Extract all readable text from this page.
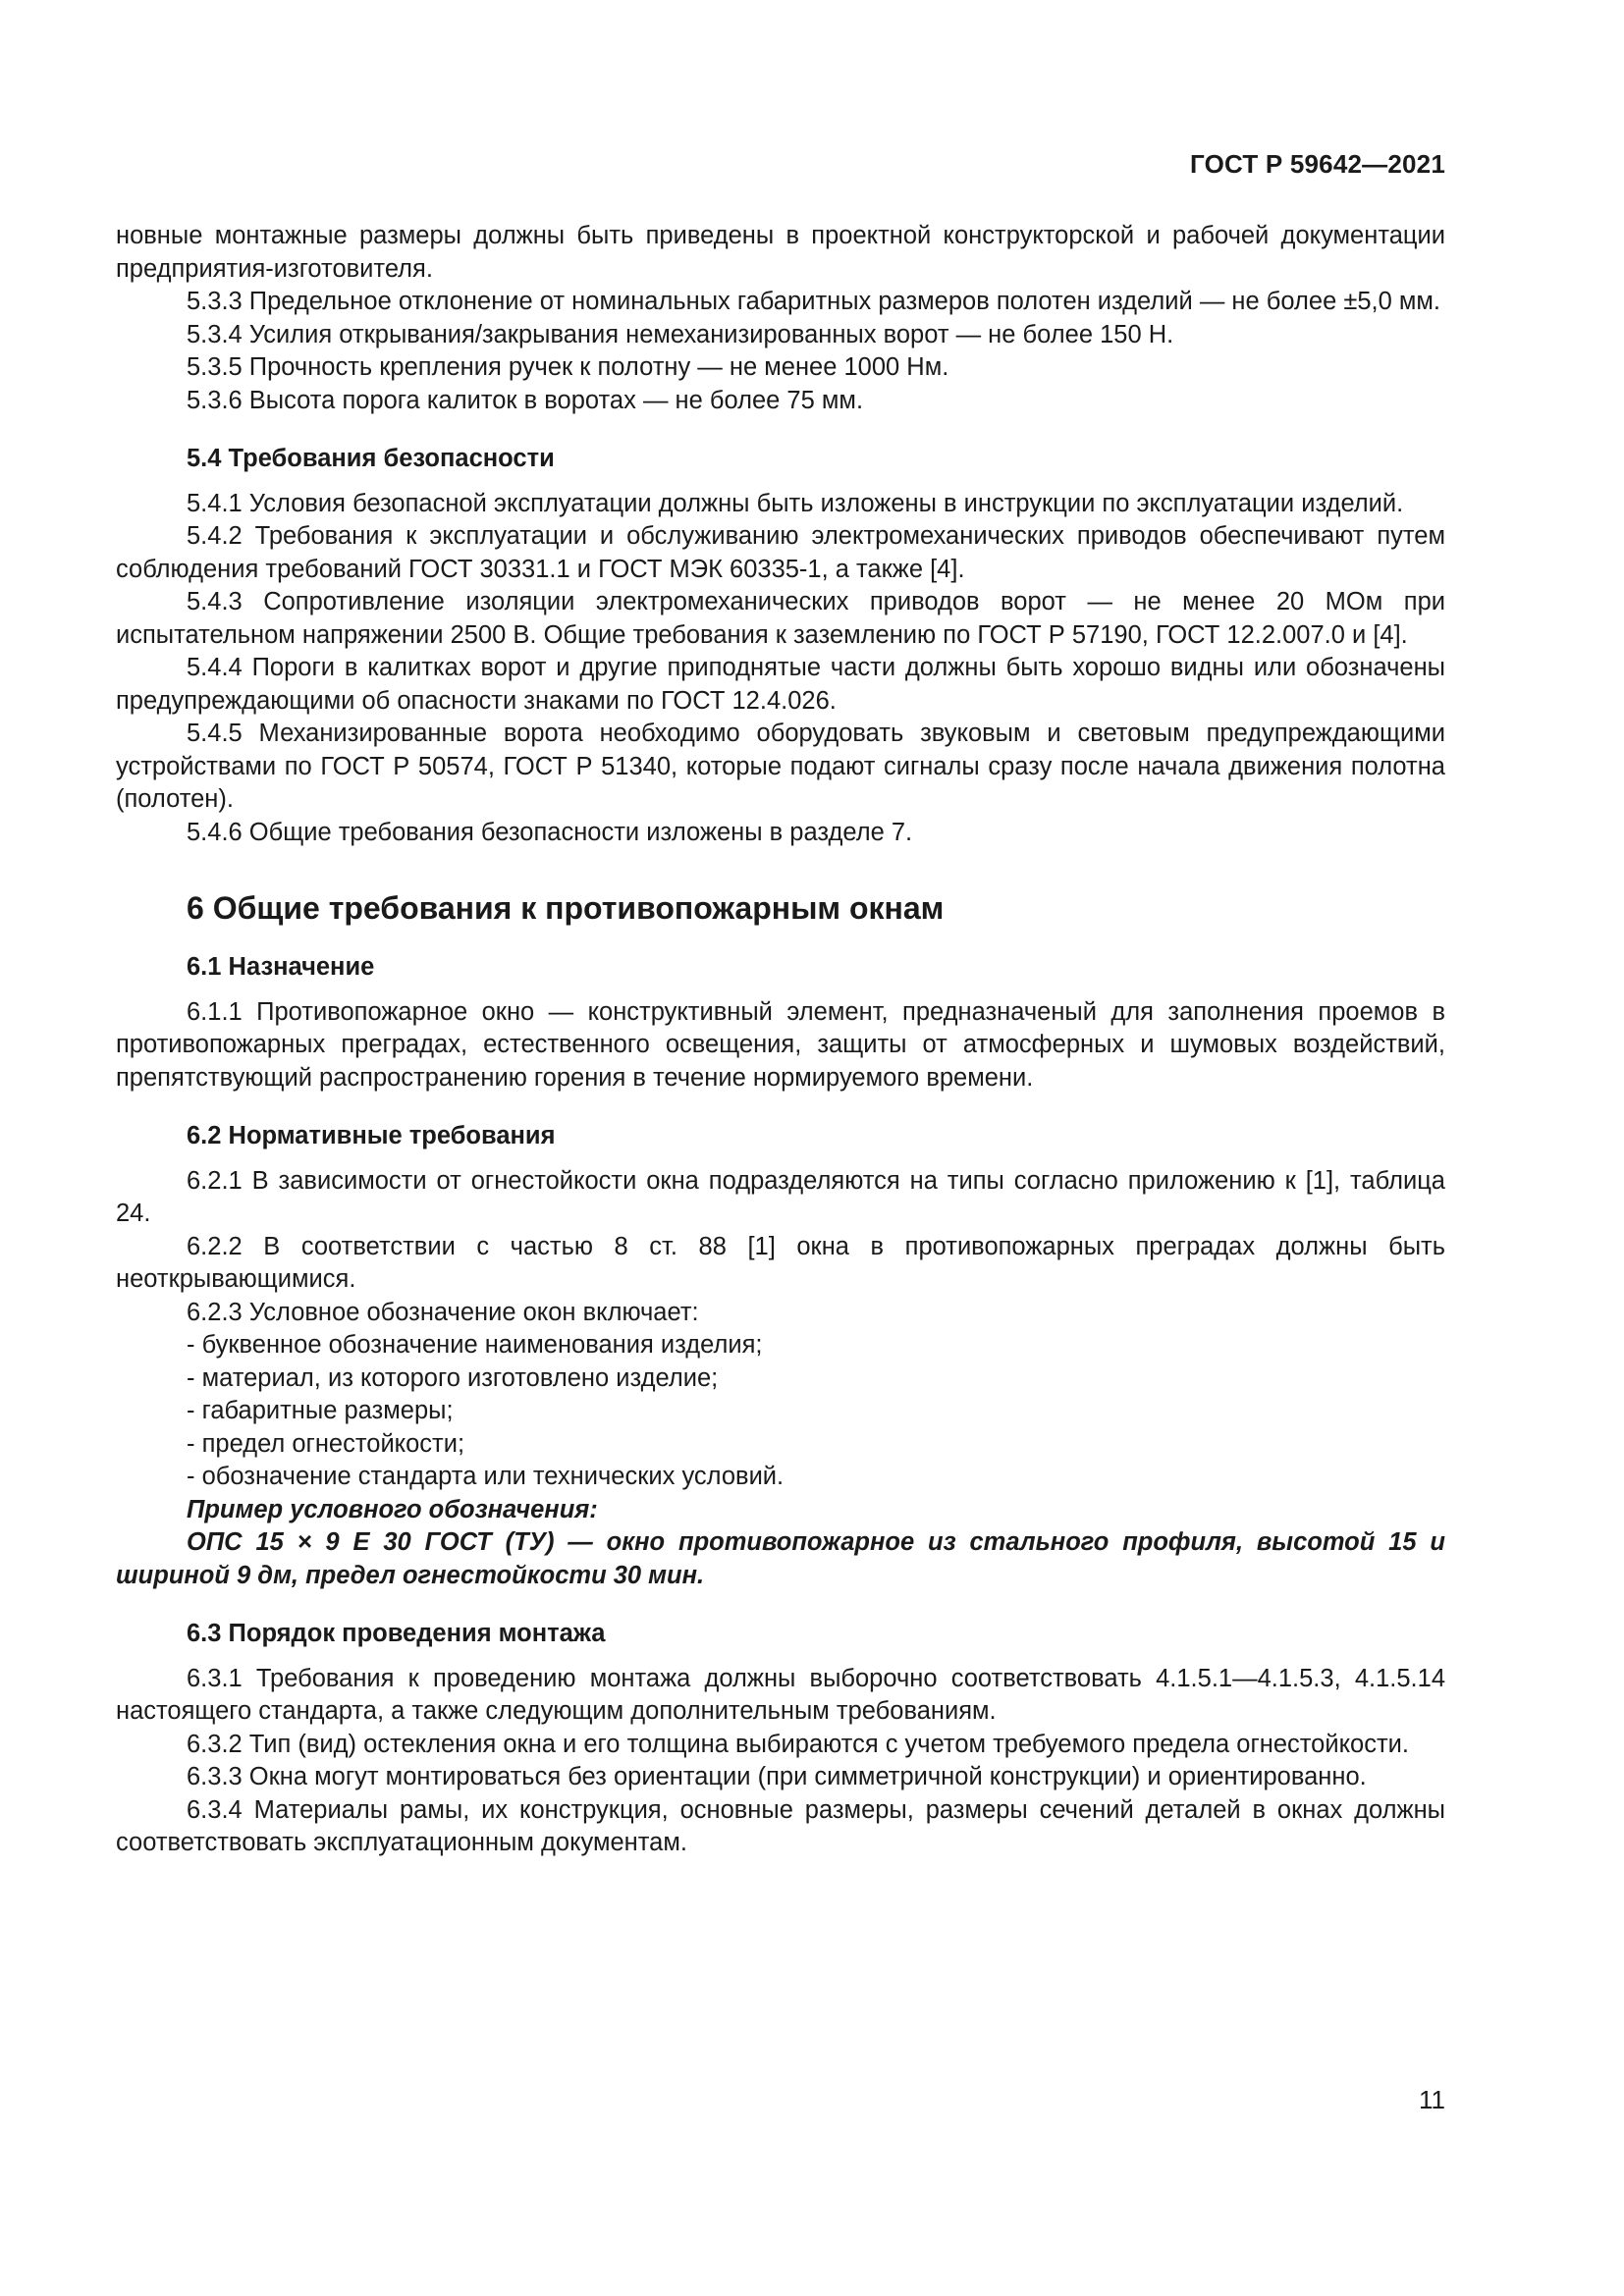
ГОСТ Р 59642—2021

новные монтажные размеры должны быть приведены в проектной конструкторской и рабочей документации предприятия-изготовителя.

5.3.3 Предельное отклонение от номинальных габаритных размеров полотен изделий — не более ±5,0 мм.

5.3.4 Усилия открывания/закрывания немеханизированных ворот — не более 150 Н.

5.3.5 Прочность крепления ручек к полотну — не менее 1000 Нм.

5.3.6 Высота порога калиток в воротах — не более 75 мм.

5.4 Требования безопасности

5.4.1 Условия безопасной эксплуатации должны быть изложены в инструкции по эксплуатации изделий.

5.4.2 Требования к эксплуатации и обслуживанию электромеханических приводов обеспечивают путем соблюдения требований ГОСТ 30331.1 и ГОСТ МЭК 60335-1, а также [4].

5.4.3 Сопротивление изоляции электромеханических приводов ворот — не менее 20 МОм при испытательном напряжении 2500 В. Общие требования к заземлению по ГОСТ Р 57190, ГОСТ 12.2.007.0 и [4].

5.4.4 Пороги в калитках ворот и другие приподнятые части должны быть хорошо видны или обозначены предупреждающими об опасности знаками по ГОСТ 12.4.026.

5.4.5 Механизированные ворота необходимо оборудовать звуковым и световым предупреждающими устройствами по ГОСТ Р 50574, ГОСТ Р 51340, которые подают сигналы сразу после начала движения полотна (полотен).

5.4.6 Общие требования безопасности изложены в разделе 7.

6 Общие требования к противопожарным окнам

6.1 Назначение

6.1.1 Противопожарное окно — конструктивный элемент, предназначеный для заполнения проемов в противопожарных преградах, естественного освещения, защиты от атмосферных и шумовых воздействий, препятствующий распространению горения в течение нормируемого времени.

6.2 Нормативные требования

6.2.1 В зависимости от огнестойкости окна подразделяются на типы согласно приложению к [1], таблица 24.

6.2.2 В соответствии с частью 8 ст. 88 [1] окна в противопожарных преградах должны быть неоткрывающимися.

6.2.3 Условное обозначение окон включает:

- буквенное обозначение наименования изделия;

- материал, из которого изготовлено изделие;

- габаритные размеры;

- предел огнестойкости;

- обозначение стандарта или технических условий.

Пример условного обозначения:

ОПС 15 × 9 Е 30 ГОСТ (ТУ) — окно противопожарное из стального профиля, высотой 15 и шириной 9 дм, предел огнестойкости 30 мин.

6.3 Порядок проведения монтажа

6.3.1 Требования к проведению монтажа должны выборочно соответствовать 4.1.5.1—4.1.5.3, 4.1.5.14 настоящего стандарта, а также следующим дополнительным требованиям.

6.3.2 Тип (вид) остекления окна и его толщина выбираются с учетом требуемого предела огнестойкости.

6.3.3 Окна могут монтироваться без ориентации (при симметричной конструкции) и ориентированно.

6.3.4 Материалы рамы, их конструкция, основные размеры, размеры сечений деталей в окнах должны соответствовать эксплуатационным документам.

11
